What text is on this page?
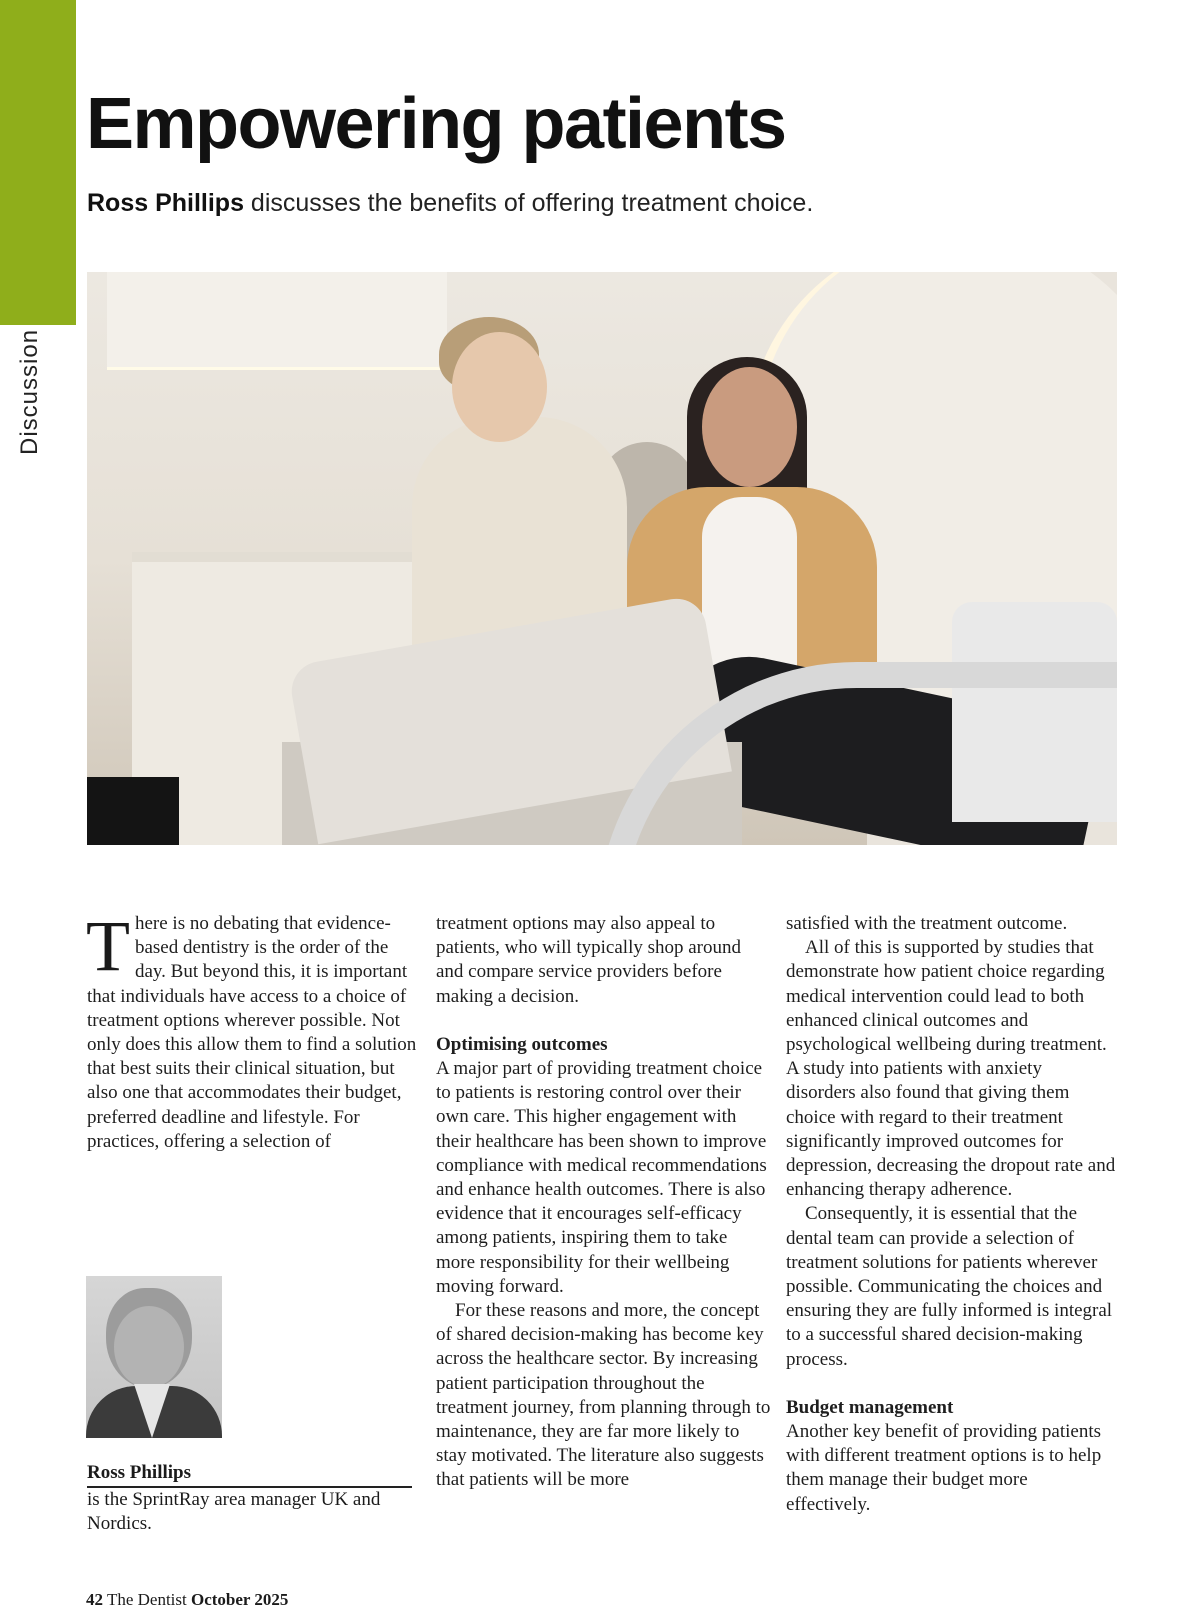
Discussion
Empowering patients

Ross Phillips discusses the benefits of offering treatment choice.

There is no debating that evidence-based dentistry is the order of the day. But beyond this, it is important that individuals have access to a choice of treatment options wherever possible. Not only does this allow them to find a solution that best suits their clinical situation, but also one that accommodates their budget, preferred deadline and lifestyle. For practices, offering a selection of

treatment options may also appeal to patients, who will typically shop around and compare service providers before making a decision.

Optimising outcomes

A major part of providing treatment choice to patients is restoring control over their own care. This higher engagement with their healthcare has been shown to improve compliance with medical recommendations and enhance health outcomes. There is also evidence that it encourages self-efficacy among patients, inspiring them to take more responsibility for their wellbeing moving forward.

For these reasons and more, the concept of shared decision-making has become key across the healthcare sector. By increasing patient participation throughout the treatment journey, from planning through to maintenance, they are far more likely to stay motivated. The literature also suggests that patients will be more

satisfied with the treatment outcome.

All of this is supported by studies that demonstrate how patient choice regarding medical intervention could lead to both enhanced clinical outcomes and psychological wellbeing during treatment. A study into patients with anxiety disorders also found that giving them choice with regard to their treatment significantly improved outcomes for depression, decreasing the dropout rate and enhancing therapy adherence.

Consequently, it is essential that the dental team can provide a selection of treatment solutions for patients wherever possible. Communicating the choices and ensuring they are fully informed is integral to a successful shared decision-making process.

Budget management

Another key benefit of providing patients with different treatment options is to help them manage their budget more effectively.

Ross Phillips
is the SprintRay area manager UK and Nordics.
42 The Dentist October 2025
